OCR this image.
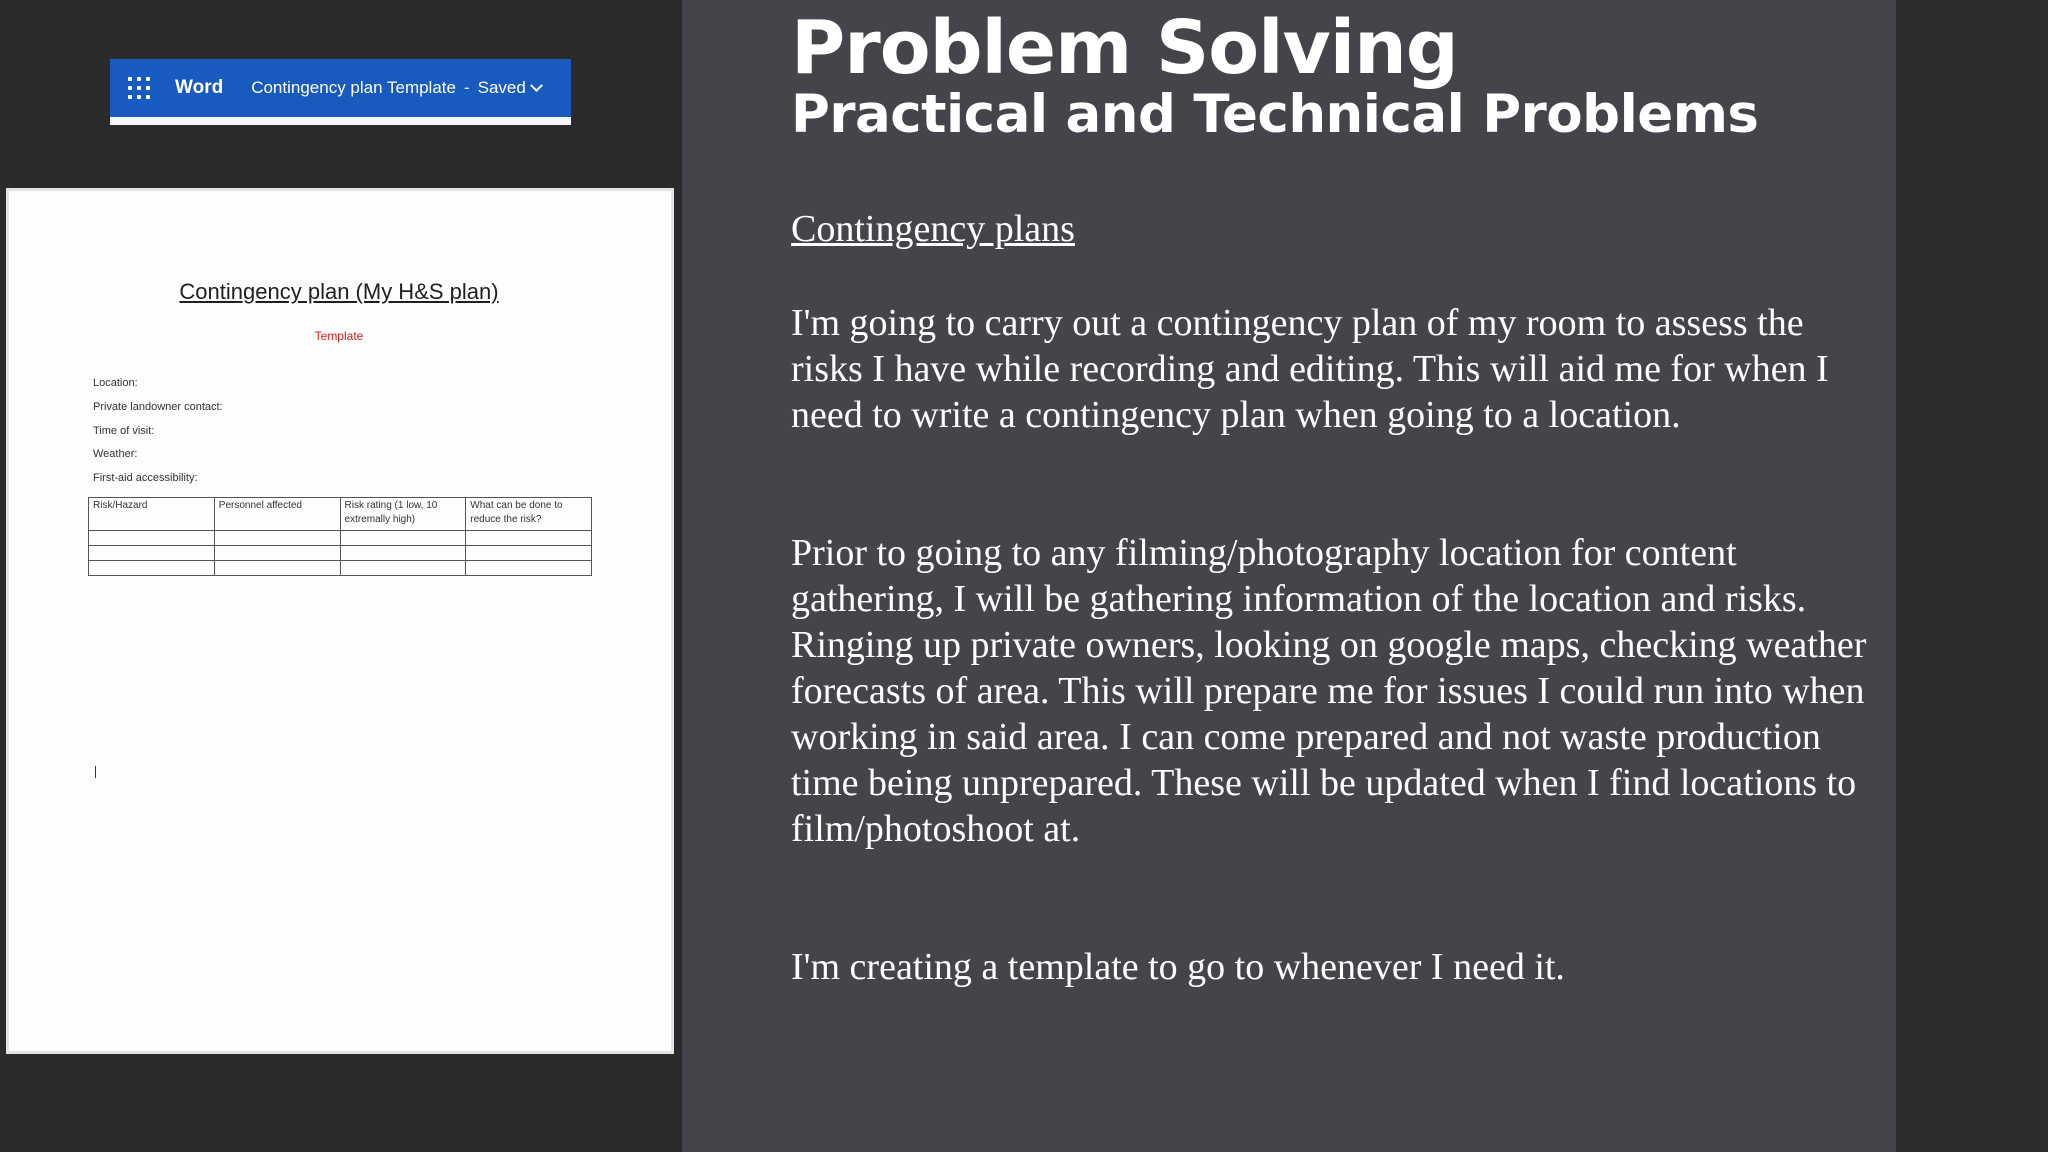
Word Contingency plan Template - Saved
Contingency plan (My H&S plan)
Template
Location:
Private landowner contact:
Time of visit:
Weather:
First-aid accessibility:
Risk/Hazard	Personnel affected	Risk rating (1 low, 10 extremally high)	What can be done to reduce the risk?

Problem Solving
Practical and Technical Problems
Contingency plans
I'm going to carry out a contingency plan of my room to assess the risks I have while recording and editing. This will aid me for when I need to write a contingency plan when going to a location.
Prior to going to any filming/photography location for content gathering, I will be gathering information of the location and risks. Ringing up private owners, looking on google maps, checking weather forecasts of area. This will prepare me for issues I could run into when working in said area. I can come prepared and not waste production time being unprepared. These will be updated when I find locations to film/photoshoot at.
I'm creating a template to go to whenever I need it.
